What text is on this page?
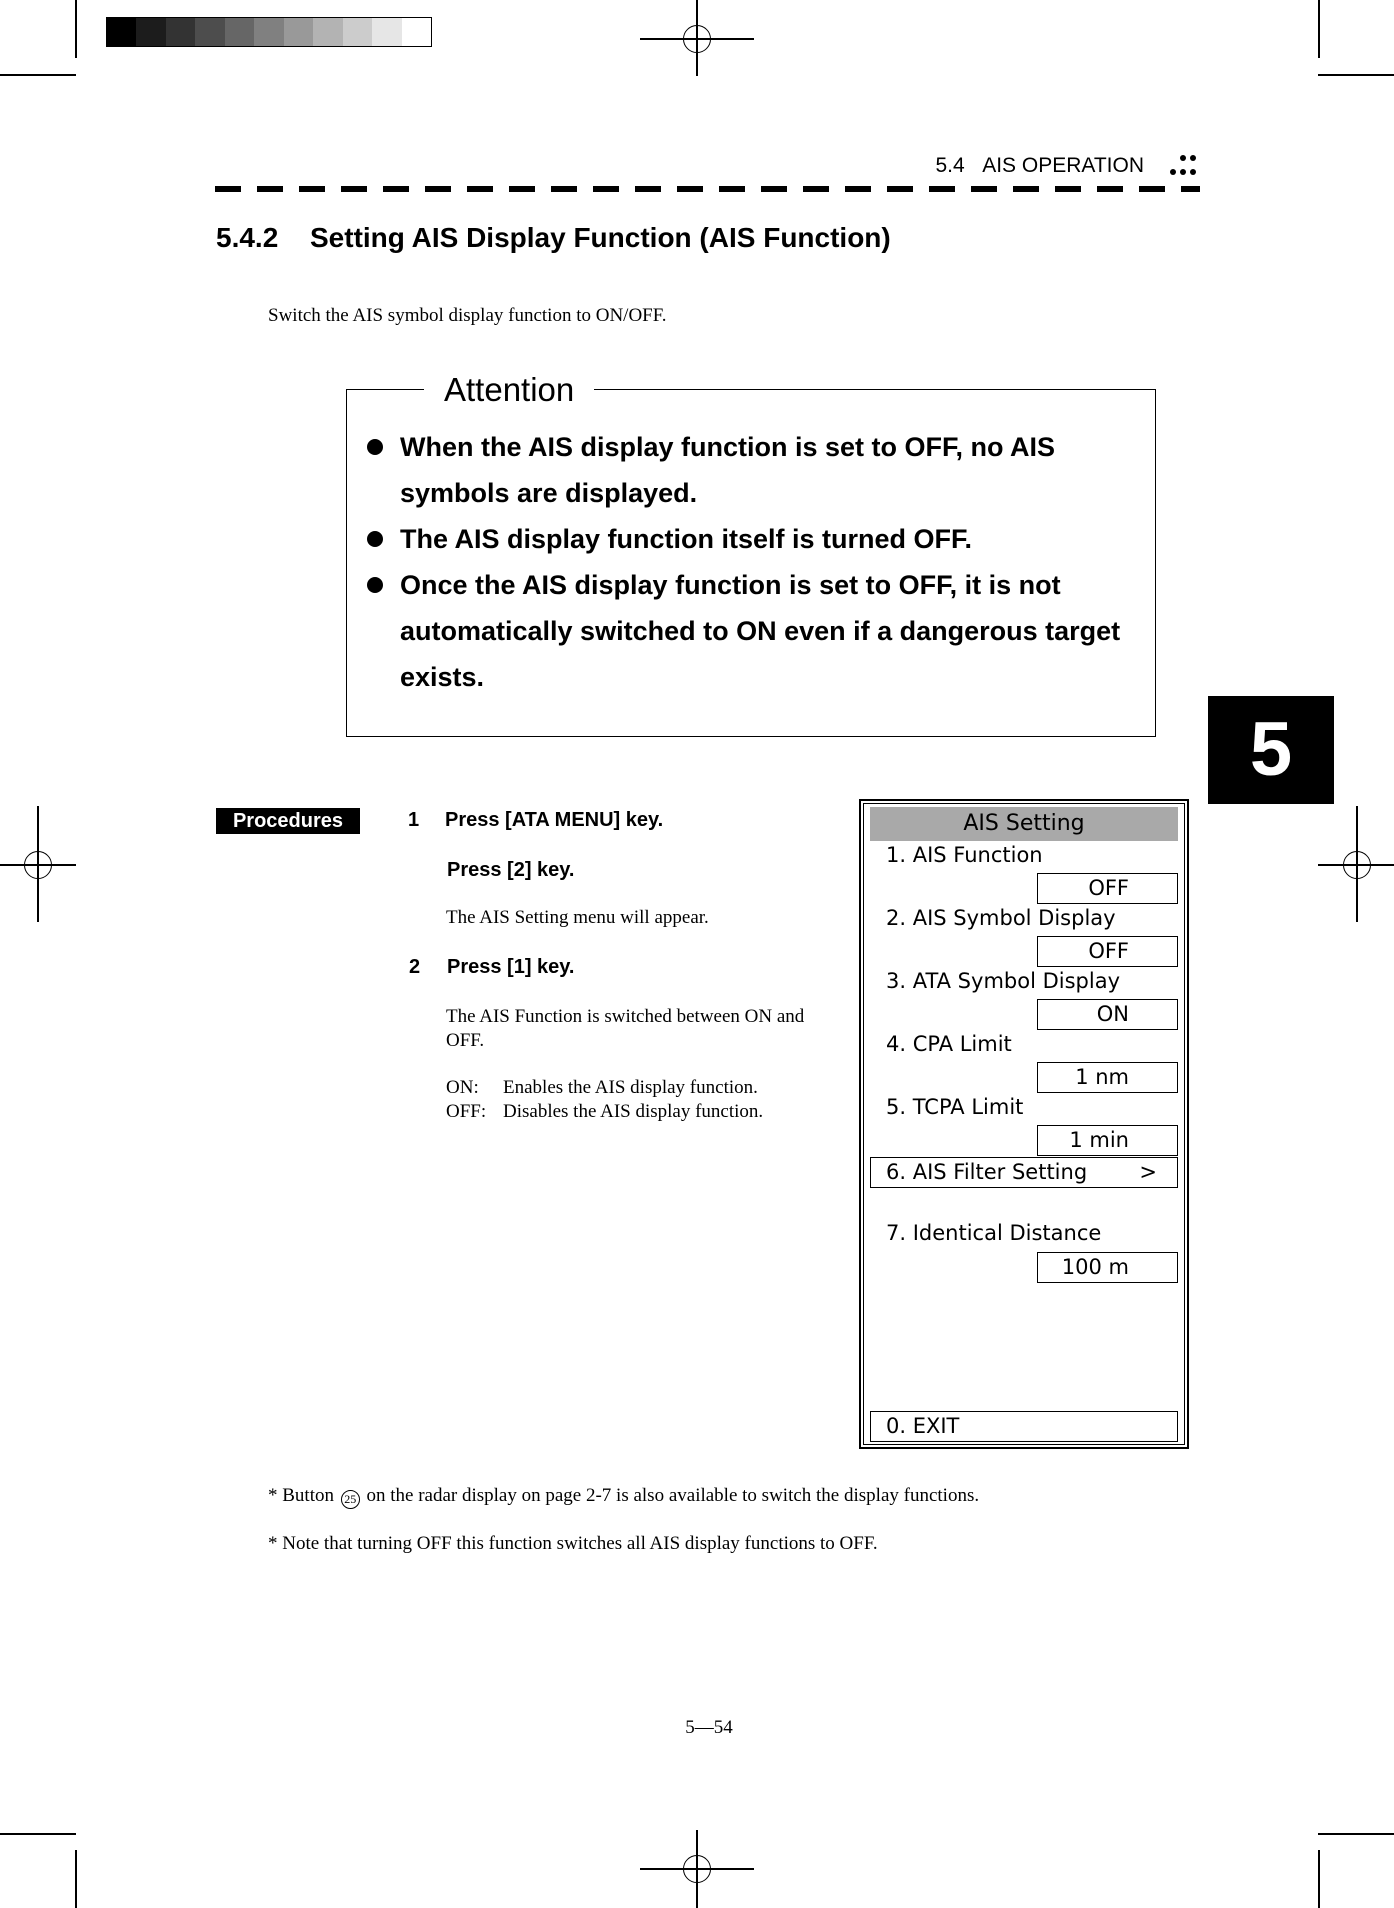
5.4 AIS OPERATION
5.4.2 Setting AIS Display Function (AIS Function)
Switch the AIS symbol display function to ON/OFF.
Attention
When the AIS display function is set to OFF, no AIS symbols are displayed.
The AIS display function itself is turned OFF.
Once the AIS display function is set to OFF, it is not automatically switched to ON even if a dangerous target exists.
5
Procedures	1 Press [ATA MENU] key.
Press [2] key.
The AIS Setting menu will appear.
2 Press [1] key.
The AIS Function is switched between ON and
OFF.
ON: Enables the AIS display function.
OFF: Disables the AIS display function.
AIS Setting
1. AIS Function
OFF
2. AIS Symbol Display
OFF
3. ATA Symbol Display
ON
4. CPA Limit
1 nm
5. TCPA Limit
1 min
6. AIS Filter Setting >
7. Identical Distance
100 m
0. EXIT
* Button 25 on the radar display on page 2-7 is also available to switch the display functions.
* Note that turning OFF this function switches all AIS display functions to OFF.
5—54
